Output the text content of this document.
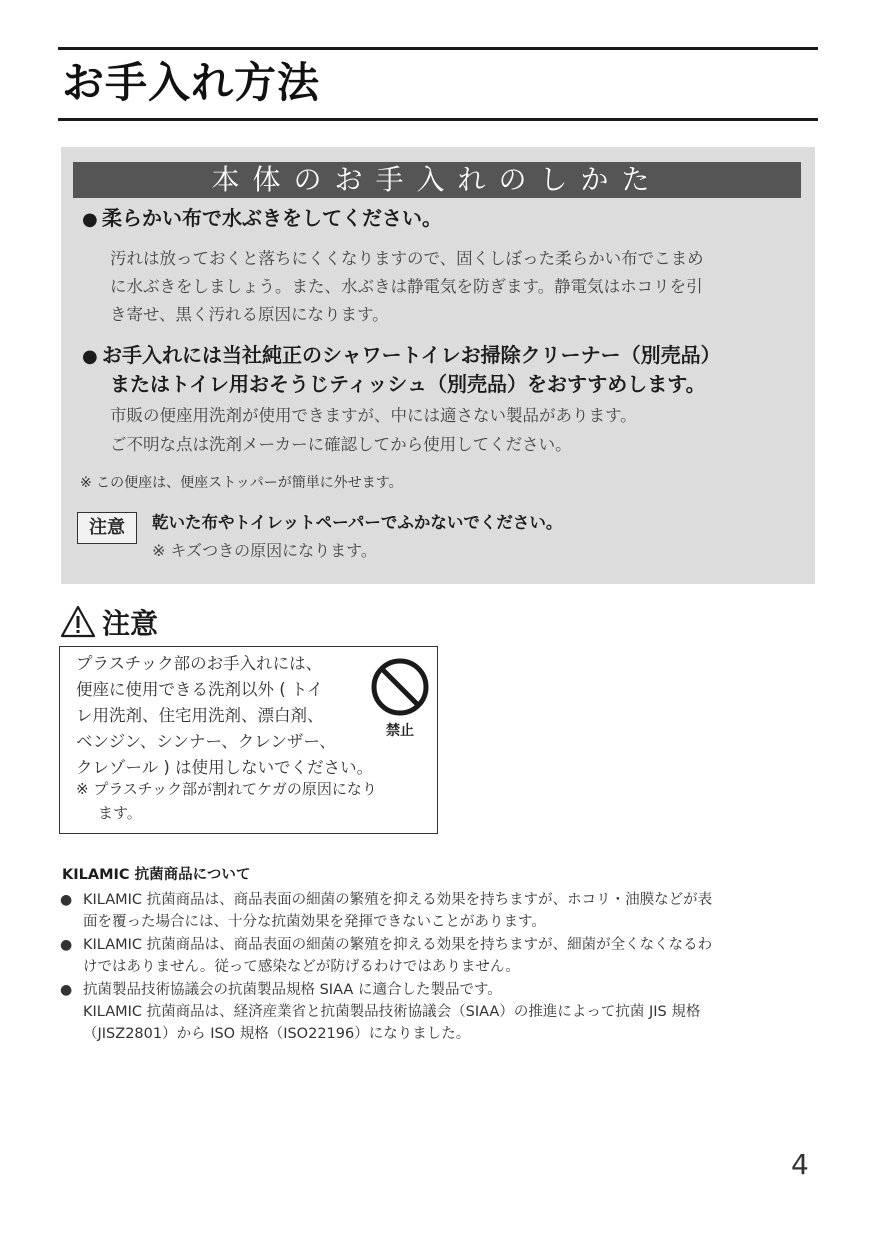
お手入れ方法
本体のお手入れのしかた
● 柔らかい布で水ぶきをしてください。

汚れは放っておくと落ちにくくなりますので、固くしぼった柔らかい布でこまめ

に水ぶきをしましょう。また、水ぶきは静電気を防ぎます。静電気はホコリを引

き寄せ、黒く汚れる原因になります。

● お手入れには当社純正のシャワートイレお掃除クリーナー（別売品）
またはトイレ用おそうじティッシュ（別売品）をおすすめします。

市販の便座用洗剤が使用できますが、中には適さない製品があります。

ご不明な点は洗剤メーカーに確認してから使用してください。

※ この便座は、便座ストッパーが簡単に外せます。

注意	乾いた布やトイレットペーパーでふかないでください。
※ キズつきの原因になります。
注意
プラスチック部のお手入れには、
便座に使用できる洗剤以外 ( トイ
レ用洗剤、住宅用洗剤、漂白剤、
ベンジン、シンナー、クレンザー、
クレゾール ) は使用しないでください。
※ プラスチック部が割れてケガの原因になり
ます。
禁止
KILAMIC 抗菌商品について
● KILAMIC 抗菌商品は、商品表面の細菌の繁殖を抑える効果を持ちますが、ホコリ・油膜などが表
面を覆った場合には、十分な抗菌効果を発揮できないことがあります。
● KILAMIC 抗菌商品は、商品表面の細菌の繁殖を抑える効果を持ちますが、細菌が全くなくなるわ
けではありません。従って感染などが防げるわけではありません。
● 抗菌製品技術協議会の抗菌製品規格 SIAA に適合した製品です。
KILAMIC 抗菌商品は、経済産業省と抗菌製品技術協議会（SIAA）の推進によって抗菌 JIS 規格
（JISZ2801）から ISO 規格（ISO22196）になりました。
4
